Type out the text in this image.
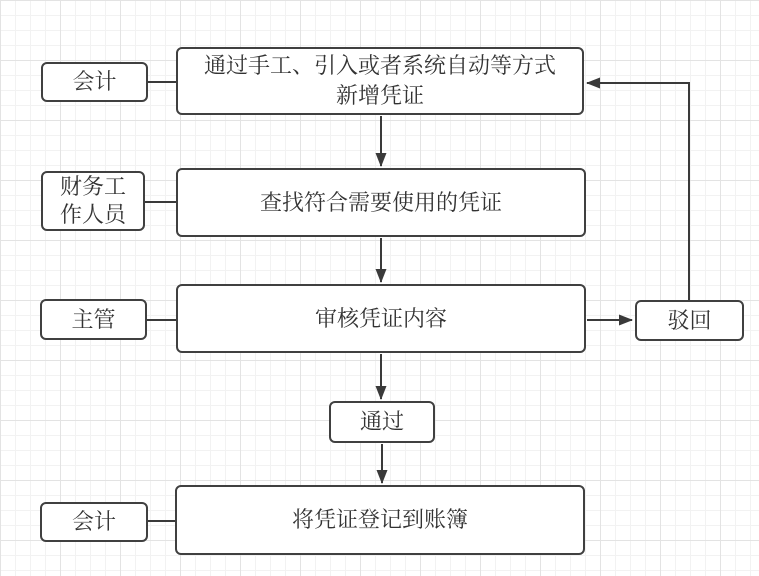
会计
通过手工、引入或者系统自动等方式
新增凭证
财务工
作人员	查找符合需要使用的凭证
主管	审核凭证内容	驳回
通过
会计	将凭证登记到账簿
